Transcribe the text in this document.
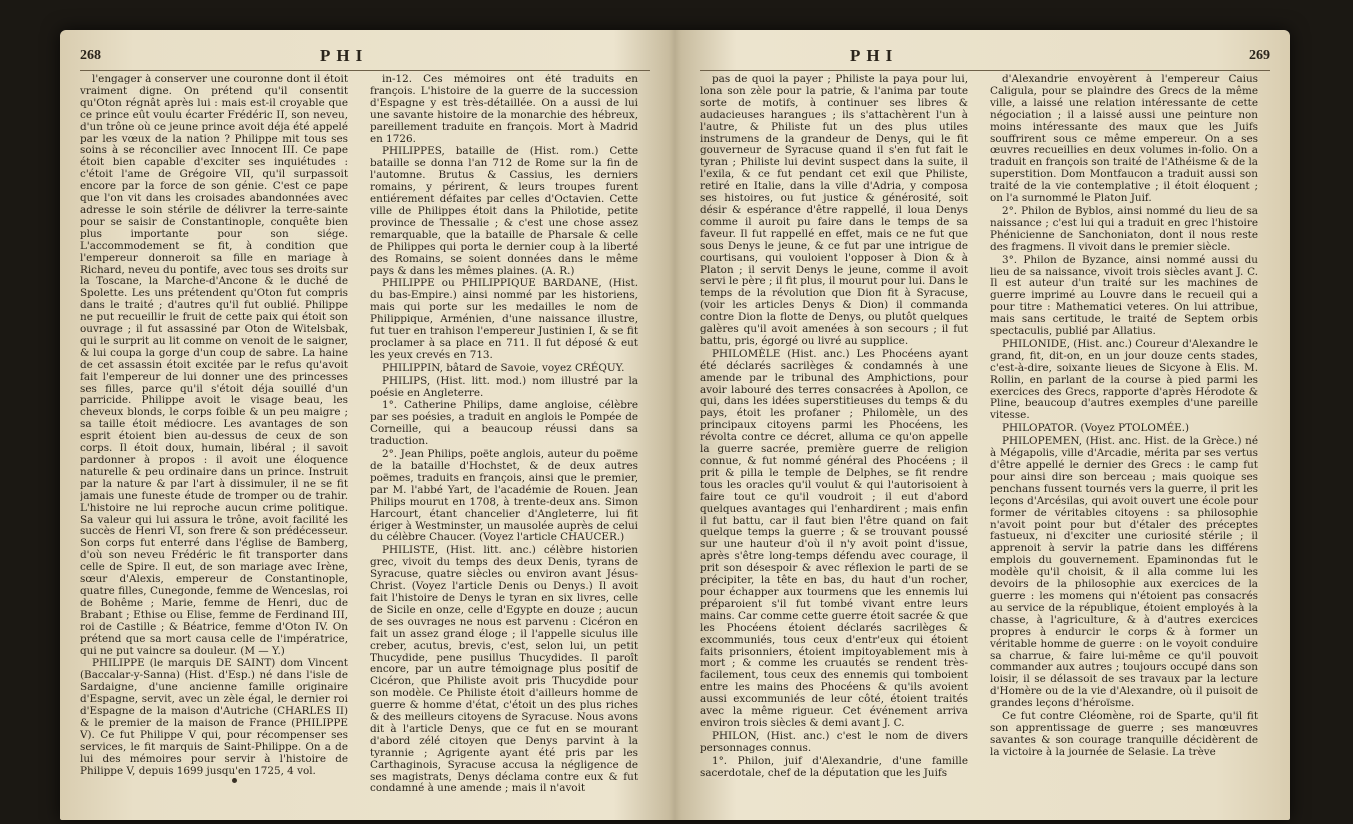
268	PHI

l'engager à conserver une couronne dont il étoit vraiment digne. On prétend qu'il consentit qu'Oton régnât après lui : mais est-il croyable que ce prince eût voulu écarter Frédéric II, son neveu, d'un trône où ce jeune prince avoit déja été appelé par les vœux de la nation ? Philippe mit tous ses soins à se réconcilier avec Innocent III. Ce pape étoit bien capable d'exciter ses inquiétudes : c'étoit l'ame de Grégoire VII, qu'il surpassoit encore par la force de son génie. C'est ce pape que l'on vit dans les croisades abandonnées avec adresse le soin stérile de délivrer la terre-sainte pour se saisir de Constantinople, conquête bien plus importante pour son siége. L'accommodement se fit, à condition que l'empereur donneroit sa fille en mariage à Richard, neveu du pontife, avec tous ses droits sur la Toscane, la Marche-d'Ancone & le duché de Spolette. Les uns prétendent qu'Oton fut compris dans le traité ; d'autres qu'il fut oublié. Philippe ne put recueillir le fruit de cette paix qui étoit son ouvrage ; il fut assassiné par Oton de Witelsbak, qui le surprit au lit comme on venoit de le saigner, & lui coupa la gorge d'un coup de sabre. La haine de cet assassin étoit excitée par le refus qu'avoit fait l'empereur de lui donner une des princesses ses filles, parce qu'il s'étoit déja souillé d'un parricide. Philippe avoit le visage beau, les cheveux blonds, le corps foible & un peu maigre ; sa taille étoit médiocre. Les avantages de son esprit étoient bien au-dessus de ceux de son corps. Il étoit doux, humain, libéral ; il savoit pardonner à propos : il avoit une éloquence naturelle & peu ordinaire dans un prince. Instruit par la nature & par l'art à dissimuler, il ne se fit jamais une funeste étude de tromper ou de trahir. L'histoire ne lui reproche aucun crime politique. Sa valeur qui lui assura le trône, avoit facilité les succès de Henri VI, son frere & son prédécesseur. Son corps fut enterré dans l'église de Bamberg, d'où son neveu Frédéric le fit transporter dans celle de Spire. Il eut, de son mariage avec Irène, sœur d'Alexis, empereur de Constantinople, quatre filles, Cunegonde, femme de Wenceslas, roi de Bohême ; Marie, femme de Henri, duc de Brabant ; Ethise ou Elise, femme de Ferdinand III, roi de Castille ; & Béatrice, femme d'Oton IV. On prétend que sa mort causa celle de l'impératrice, qui ne put vaincre sa douleur. (M — Y.)

PHILIPPE (le marquis DE SAINT) dom Vincent (Baccalar-y-Sanna) (Hist. d'Esp.) né dans l'isle de Sardaigne, d'une ancienne famille originaire d'Espagne, servit, avec un zèle égal, le dernier roi d'Espagne de la maison d'Autriche (CHARLES II) & le premier de la maison de France (PHILIPPE V). Ce fut Philippe V qui, pour récompenser ses services, le fit marquis de Saint-Philippe. On a de lui des mémoires pour servir à l'histoire de Philippe V, depuis 1699 jusqu'en 1725, 4 vol.

in-12. Ces mémoires ont été traduits en françois. L'histoire de la guerre de la succession d'Espagne y est très-détaillée. On a aussi de lui une savante histoire de la monarchie des hébreux, pareillement traduite en françois. Mort à Madrid en 1726.

PHILIPPES, bataille de (Hist. rom.) Cette bataille se donna l'an 712 de Rome sur la fin de l'automne. Brutus & Cassius, les derniers romains, y périrent, & leurs troupes furent entiérement défaites par celles d'Octavien. Cette ville de Philippes étoit dans la Philotide, petite province de Thessalie ; & c'est une chose assez remarquable, que la bataille de Pharsale & celle de Philippes qui porta le dernier coup à la liberté des Romains, se soient données dans le même pays & dans les mêmes plaines. (A. R.)

PHILIPPE ou PHILIPPIQUE BARDANE, (Hist. du bas-Empire.) ainsi nommé par les historiens, mais qui porte sur les medailles le nom de Philippique, Arménien, d'une naissance illustre, fut tuer en trahison l'empereur Justinien I, & se fit proclamer à sa place en 711. Il fut déposé & eut les yeux crevés en 713.

PHILIPPIN, bâtard de Savoie, voyez CRÉQUY.

PHILIPS, (Hist. litt. mod.) nom illustré par la poésie en Angleterre.

1°. Catherine Philips, dame angloise, célèbre par ses poésies, a traduit en anglois le Pompée de Corneille, qui a beaucoup réussi dans sa traduction.

2°. Jean Philips, poëte anglois, auteur du poëme de la bataille d'Hochstet, & de deux autres poëmes, traduits en françois, ainsi que le premier, par M. l'abbé Yart, de l'académie de Rouen. Jean Philips mourut en 1708, à trente-deux ans. Simon Harcourt, étant chancelier d'Angleterre, lui fit ériger à Westminster, un mausolée auprès de celui du célèbre Chaucer. (Voyez l'article CHAUCER.)

PHILISTE, (Hist. litt. anc.) célèbre historien grec, vivoit du temps des deux Denis, tyrans de Syracuse, quatre siècles ou environ avant Jésus-Christ. (Voyez l'article Denis ou Denys.) Il avoit fait l'histoire de Denys le tyran en six livres, celle de Sicile en onze, celle d'Egypte en douze ; aucun de ses ouvrages ne nous est parvenu : Cicéron en fait un assez grand éloge ; il l'appelle siculus ille creber, acutus, brevis, c'est, selon lui, un petit Thucydide, pene pusillus Thucydides. Il paroît encore, par un autre témoignage plus positif de Cicéron, que Philiste avoit pris Thucydide pour son modèle. Ce Philiste étoit d'ailleurs homme de guerre & homme d'état, c'étoit un des plus riches & des meilleurs citoyens de Syracuse. Nous avons dit à l'article Denys, que ce fut en se mourant d'abord zélé citoyen que Denys parvint à la tyrannie ; Agrigente ayant été pris par les Carthaginois, Syracuse accusa la négligence de ses magistrats, Denys déclama contre eux & fut condamné à une amende ; mais il n'avoit

PHI	269

pas de quoi la payer ; Philiste la paya pour lui, lona son zèle pour la patrie, & l'anima par toute sorte de motifs, à continuer ses libres & audacieuses harangues ; ils s'attachèrent l'un à l'autre, & Philiste fut un des plus utiles instrumens de la grandeur de Denys, qui le fit gouverneur de Syracuse quand il s'en fut fait le tyran ; Philiste lui devint suspect dans la suite, il l'exila, & ce fut pendant cet exil que Philiste, retiré en Italie, dans la ville d'Adria, y composa ses histoires, ou fut justice & générosité, soit désir & espérance d'être rappellé, il loua Denys comme il auroit pu faire dans le temps de sa faveur. Il fut rappellé en effet, mais ce ne fut que sous Denys le jeune, & ce fut par une intrigue de courtisans, qui vouloient l'opposer à Dion & à Platon ; il servit Denys le jeune, comme il avoit servi le père ; il fit plus, il mourut pour lui. Dans le temps de la révolution que Dion fit à Syracuse, (voir les articles Denys & Dion) il commanda contre Dion la flotte de Denys, ou plutôt quelques galères qu'il avoit amenées à son secours ; il fut battu, pris, égorgé ou livré au supplice.

PHILOMÈLE (Hist. anc.) Les Phocéens ayant été déclarés sacrilèges & condamnés à une amende par le tribunal des Amphictions, pour avoir labouré des terres consacrées à Apollon, ce qui, dans les idées superstitieuses du temps & du pays, étoit les profaner ; Philomèle, un des principaux citoyens parmi les Phocéens, les révolta contre ce décret, alluma ce qu'on appelle la guerre sacrée, première guerre de religion connue, & fut nommé général des Phocéens ; il prit & pilla le temple de Delphes, se fit rendre tous les oracles qu'il voulut & qui l'autorisoient à faire tout ce qu'il voudroit ; il eut d'abord quelques avantages qui l'enhardirent ; mais enfin il fut battu, car il faut bien l'être quand on fait quelque temps la guerre ; & se trouvant poussé sur une hauteur d'où il n'y avoit point d'issue, après s'être long-temps défendu avec courage, il prit son désespoir & avec réflexion le parti de se précipiter, la tête en bas, du haut d'un rocher, pour échapper aux tourmens que les ennemis lui préparoient s'il fut tombé vivant entre leurs mains. Car comme cette guerre étoit sacrée & que les Phocéens étoient déclarés sacrilèges & excommuniés, tous ceux d'entr'eux qui étoient faits prisonniers, étoient impitoyablement mis à mort ; & comme les cruautés se rendent très-facilement, tous ceux des ennemis qui tomboient entre les mains des Phocéens & qu'ils avoient aussi excommuniés de leur côté, étoient traités avec la même rigueur. Cet événement arriva environ trois siècles & demi avant J. C.

PHILON, (Hist. anc.) c'est le nom de divers personnages connus.

1°. Philon, juif d'Alexandrie, d'une famille sacerdotale, chef de la députation que les Juifs

d'Alexandrie envoyèrent à l'empereur Caius Caligula, pour se plaindre des Grecs de la même ville, a laissé une relation intéressante de cette négociation ; il a laissé aussi une peinture non moins intéressante des maux que les Juifs souffrirent sous ce même empereur. On a ses œuvres recueillies en deux volumes in-folio. On a traduit en françois son traité de l'Athéisme & de la superstition. Dom Montfaucon a traduit aussi son traité de la vie contemplative ; il étoit éloquent ; on l'a surnommé le Platon Juif.

2°. Philon de Byblos, ainsi nommé du lieu de sa naissance ; c'est lui qui a traduit en grec l'histoire Phénicienne de Sanchoniaton, dont il nous reste des fragmens. Il vivoit dans le premier siècle.

3°. Philon de Byzance, ainsi nommé aussi du lieu de sa naissance, vivoit trois siècles avant J. C. Il est auteur d'un traité sur les machines de guerre imprimé au Louvre dans le recueil qui a pour titre : Mathematici veteres. On lui attribue, mais sans certitude, le traité de Septem orbis spectaculis, publié par Allatius.

PHILONIDE, (Hist. anc.) Coureur d'Alexandre le grand, fit, dit-on, en un jour douze cents stades, c'est-à-dire, soixante lieues de Sicyone à Elis. M. Rollin, en parlant de la course à pied parmi les exercices des Grecs, rapporte d'après Hérodote & Pline, beaucoup d'autres exemples d'une pareille vitesse.

PHILOPATOR. (Voyez PTOLOMÉE.)

PHILOPEMEN, (Hist. anc. Hist. de la Grèce.) né à Mégapolis, ville d'Arcadie, mérita par ses vertus d'être appellé le dernier des Grecs : le camp fut pour ainsi dire son berceau ; mais quoique ses penchans fussent tournés vers la guerre, il prit les leçons d'Arcésilas, qui avoit ouvert une école pour former de véritables citoyens : sa philosophie n'avoit point pour but d'étaler des préceptes fastueux, ni d'exciter une curiosité stérile ; il apprenoit à servir la patrie dans les différens emplois du gouvernement. Epaminondas fut le modèle qu'il choisit, & il alla comme lui les devoirs de la philosophie aux exercices de la guerre : les momens qui n'étoient pas consacrés au service de la république, étoient employés à la chasse, à l'agriculture, & à d'autres exercices propres à endurcir le corps & à former un véritable homme de guerre : on le voyoit conduire sa charrue, & faire lui-même ce qu'il pouvoit commander aux autres ; toujours occupé dans son loisir, il se délassoit de ses travaux par la lecture d'Homère ou de la vie d'Alexandre, où il puisoit de grandes leçons d'héroïsme.

Ce fut contre Cléomène, roi de Sparte, qu'il fit son apprentissage de guerre ; ses manœuvres savantes & son courage tranquille décidèrent de la victoire à la journée de Selasie. La trève
